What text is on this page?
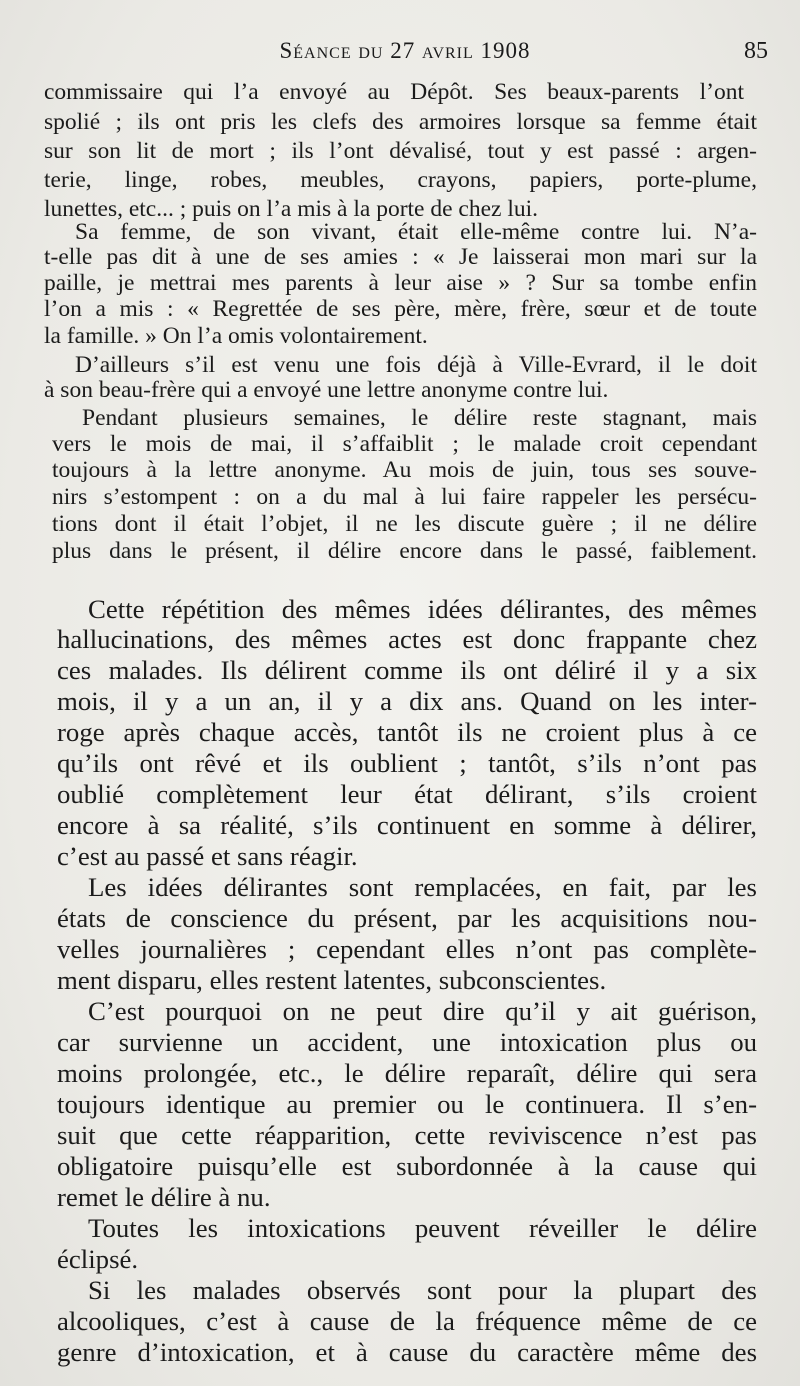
Séance du 27 avril 1908	85
commissaire qui l’a envoyé au Dépôt. Ses beaux-parents l’ont
spolié ; ils ont pris les clefs des armoires lorsque sa femme était
sur son lit de mort ; ils l’ont dévalisé, tout y est passé : argen-
terie, linge, robes, meubles, crayons, papiers, porte-plume,
lunettes, etc... ; puis on l’a mis à la porte de chez lui.
Sa femme, de son vivant, était elle-même contre lui. N’a-
t-elle pas dit à une de ses amies : « Je laisserai mon mari sur la
paille, je mettrai mes parents à leur aise » ? Sur sa tombe enfin
l’on a mis : « Regrettée de ses père, mère, frère, sœur et de toute
la famille. » On l’a omis volontairement.
D’ailleurs s’il est venu une fois déjà à Ville-Evrard, il le doit
à son beau-frère qui a envoyé une lettre anonyme contre lui.
Pendant plusieurs semaines, le délire reste stagnant, mais
vers le mois de mai, il s’affaiblit ; le malade croit cependant
toujours à la lettre anonyme. Au mois de juin, tous ses souve-
nirs s’estompent : on a du mal à lui faire rappeler les persécu-
tions dont il était l’objet, il ne les discute guère ; il ne délire
plus dans le présent, il délire encore dans le passé, faiblement.
Cette répétition des mêmes idées délirantes, des mêmes
hallucinations, des mêmes actes est donc frappante chez
ces malades. Ils délirent comme ils ont déliré il y a six
mois, il y a un an, il y a dix ans. Quand on les inter-
roge après chaque accès, tantôt ils ne croient plus à ce
qu’ils ont rêvé et ils oublient ; tantôt, s’ils n’ont pas
oublié complètement leur état délirant, s’ils croient
encore à sa réalité, s’ils continuent en somme à délirer,
c’est au passé et sans réagir.
Les idées délirantes sont remplacées, en fait, par les
états de conscience du présent, par les acquisitions nou-
velles journalières ; cependant elles n’ont pas complète-
ment disparu, elles restent latentes, subconscientes.
C’est pourquoi on ne peut dire qu’il y ait guérison,
car survienne un accident, une intoxication plus ou
moins prolongée, etc., le délire reparaît, délire qui sera
toujours identique au premier ou le continuera. Il s’en-
suit que cette réapparition, cette reviviscence n’est pas
obligatoire puisqu’elle est subordonnée à la cause qui
remet le délire à nu.
Toutes les intoxications peuvent réveiller le délire
éclipsé.
Si les malades observés sont pour la plupart des
alcooliques, c’est à cause de la fréquence même de ce
genre d’intoxication, et à cause du caractère même des
